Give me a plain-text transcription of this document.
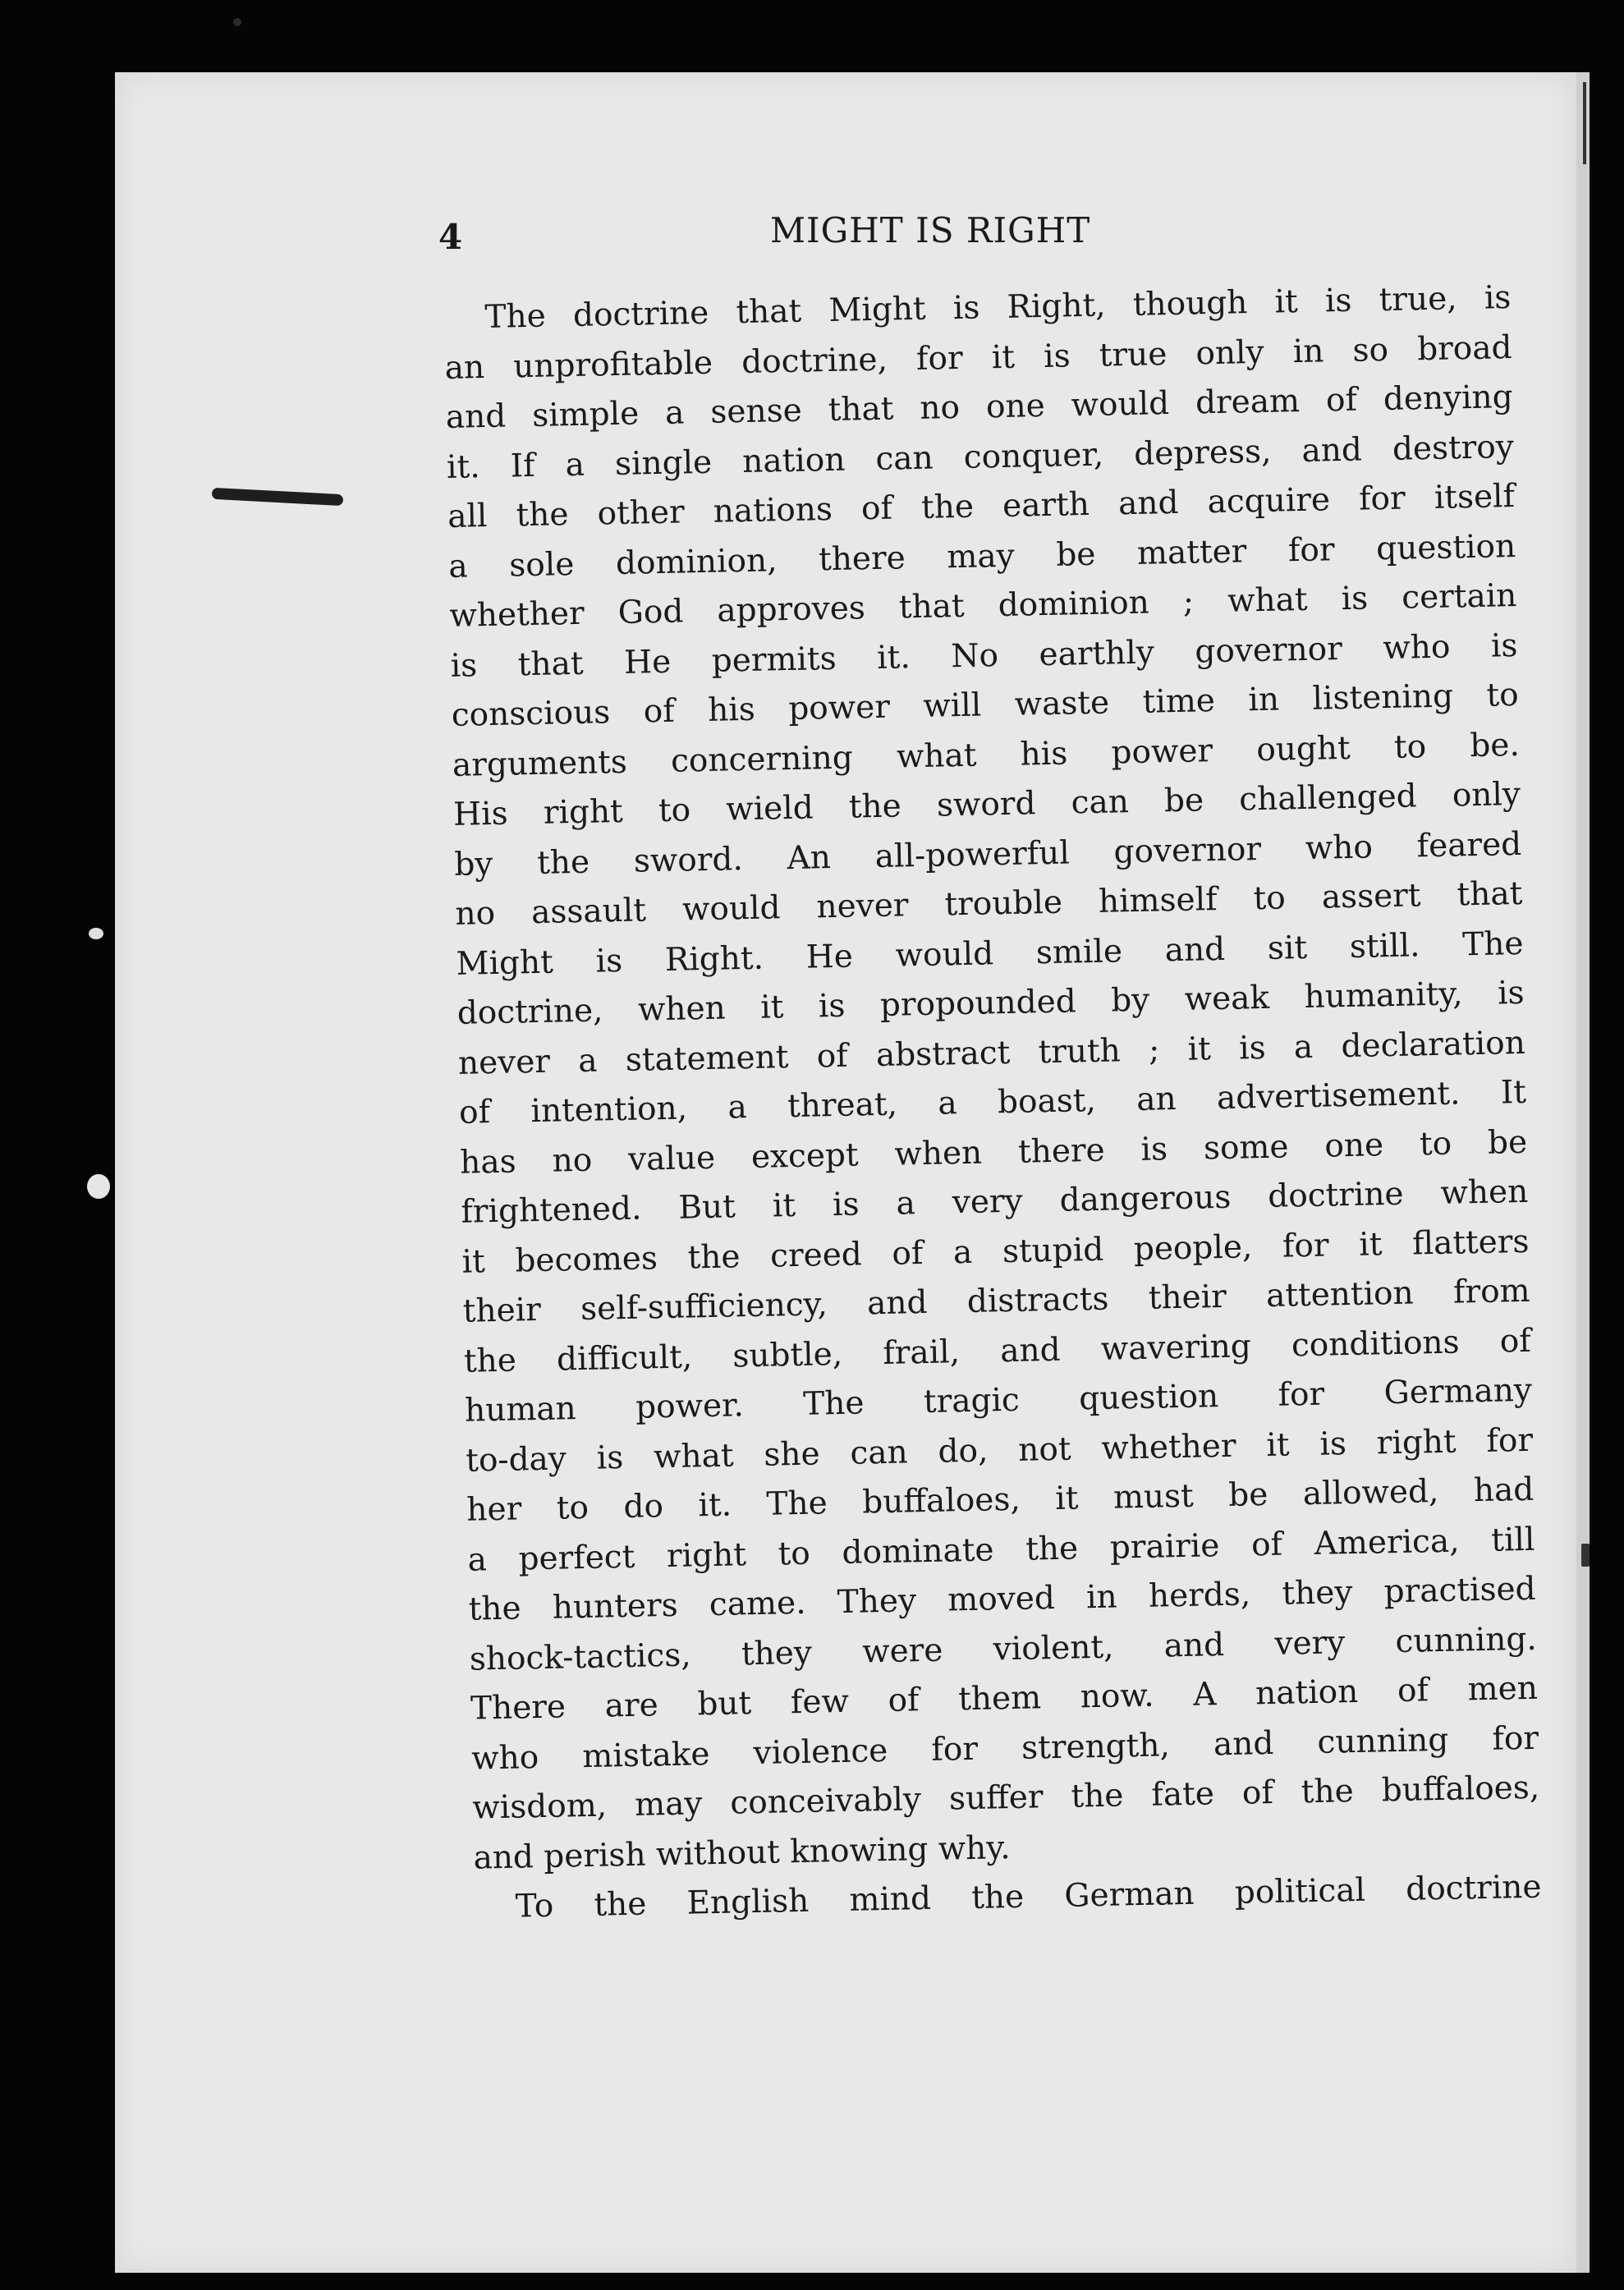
4	MIGHT IS RIGHT
The doctrine that Might is Right, though it is true, is
an unprofitable doctrine, for it is true only in so broad
and simple a sense that no one would dream of denying
it. If a single nation can conquer, depress, and destroy
all the other nations of the earth and acquire for itself
a sole dominion, there may be matter for question
whether God approves that dominion ; what is certain
is that He permits it. No earthly governor who is
conscious of his power will waste time in listening to
arguments concerning what his power ought to be.
His right to wield the sword can be challenged only
by the sword. An all-powerful governor who feared
no assault would never trouble himself to assert that
Might is Right. He would smile and sit still. The
doctrine, when it is propounded by weak humanity, is
never a statement of abstract truth ; it is a declaration
of intention, a threat, a boast, an advertisement. It
has no value except when there is some one to be
frightened. But it is a very dangerous doctrine when
it becomes the creed of a stupid people, for it flatters
their self-sufficiency, and distracts their attention from
the difficult, subtle, frail, and wavering conditions of
human power. The tragic question for Germany
to-day is what she can do, not whether it is right for
her to do it. The buffaloes, it must be allowed, had
a perfect right to dominate the prairie of America, till
the hunters came. They moved in herds, they practised
shock-tactics, they were violent, and very cunning.
There are but few of them now. A nation of men
who mistake violence for strength, and cunning for
wisdom, may conceivably suffer the fate of the buffaloes,
and perish without knowing why.
To the English mind the German political doctrine
